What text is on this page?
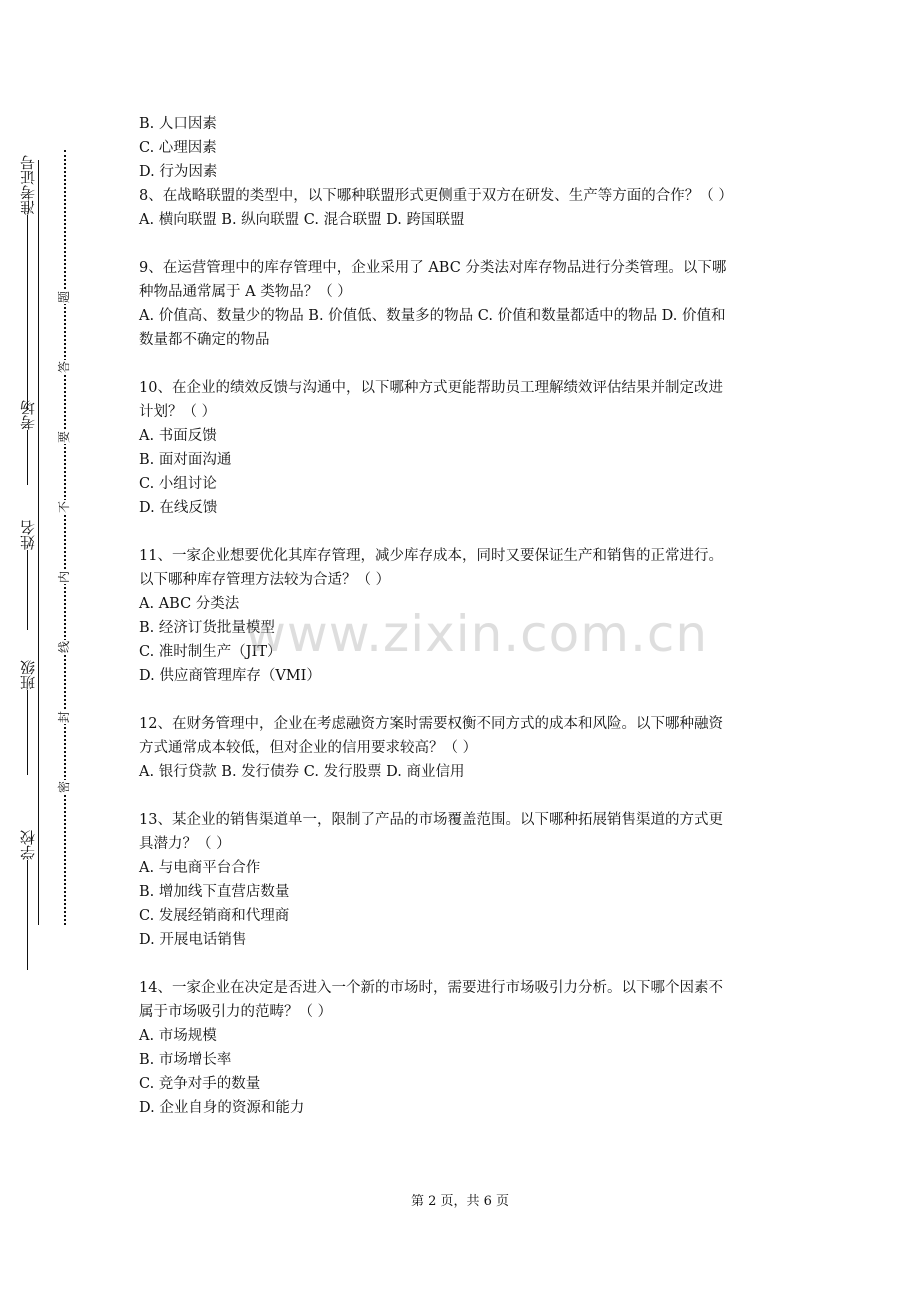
学校
班级
姓名
考场
准考证号
题
答
要
不
内
线
封
密
B. 人口因素
C. 心理因素
D. 行为因素
8、在战略联盟的类型中，以下哪种联盟形式更侧重于双方在研发、生产等方面的合作？（ ）
A. 横向联盟 B. 纵向联盟 C. 混合联盟 D. 跨国联盟
9、在运营管理中的库存管理中，企业采用了 ABC 分类法对库存物品进行分类管理。以下哪
种物品通常属于 A 类物品？（ ）
A. 价值高、数量少的物品 B. 价值低、数量多的物品 C. 价值和数量都适中的物品 D. 价值和
数量都不确定的物品
10、在企业的绩效反馈与沟通中，以下哪种方式更能帮助员工理解绩效评估结果并制定改进
计划？（ ）
A. 书面反馈
B. 面对面沟通
C. 小组讨论
D. 在线反馈
11、一家企业想要优化其库存管理，减少库存成本，同时又要保证生产和销售的正常进行。
以下哪种库存管理方法较为合适？（ ）
A. ABC 分类法
B. 经济订货批量模型
C. 准时制生产（JIT）
D. 供应商管理库存（VMI）
12、在财务管理中，企业在考虑融资方案时需要权衡不同方式的成本和风险。以下哪种融资
方式通常成本较低，但对企业的信用要求较高？（ ）
A. 银行贷款 B. 发行债券 C. 发行股票 D. 商业信用
13、某企业的销售渠道单一，限制了产品的市场覆盖范围。以下哪种拓展销售渠道的方式更
具潜力？（ ）
A. 与电商平台合作
B. 增加线下直营店数量
C. 发展经销商和代理商
D. 开展电话销售
14、一家企业在决定是否进入一个新的市场时，需要进行市场吸引力分析。以下哪个因素不
属于市场吸引力的范畴？（ ）
A. 市场规模
B. 市场增长率
C. 竞争对手的数量
D. 企业自身的资源和能力
www.zixin.com.cn
第 2 页，共 6 页
